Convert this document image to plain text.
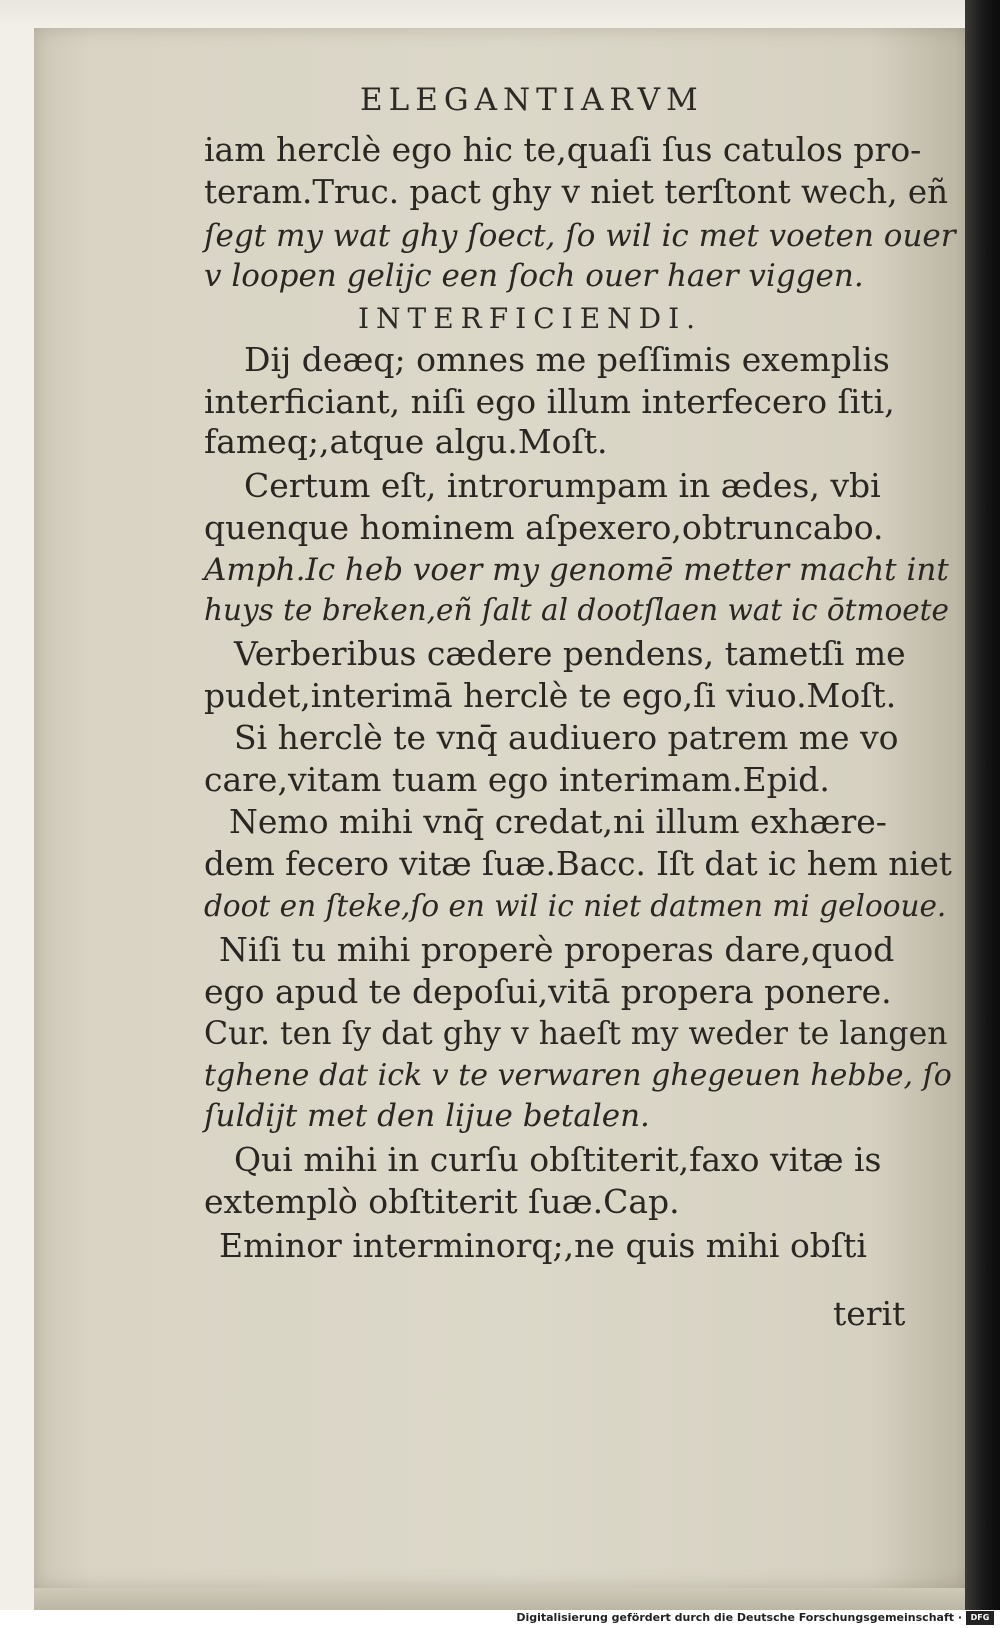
ELEGANTIARVM
INTERFICIENDI.
iam herclè ego hic te,quaſi ſus catulos pro-
teram.Truc. pact ghy v niet terſtont wech, eñ
ſegt my wat ghy ſoect, ſo wil ic met voeten ouer
v loopen gelijc een ſoch ouer haer viggen.
Dij deæq; omnes me peſſimis exemplis
interficiant, niſi ego illum interfecero ſiti,
fameq;,atque algu.Moſt.
Certum eſt, introrumpam in ædes, vbi
quenque hominem aſpexero,obtruncabo.
Amph.Ic heb voer my genomē metter macht int
huys te breken,eñ ſalt al dootſlaen wat ic ōtmoete
Verberibus cædere pendens, tametſi me
pudet,interimā herclè te ego,ſi viuo.Moſt.
Si herclè te vnq̄ audiuero patrem me vo
care,vitam tuam ego interimam.Epid.
Nemo mihi vnq̄ credat,ni illum exhære-
dem fecero vitæ ſuæ.Bacc. Iſt dat ic hem niet
doot en ſteke,ſo en wil ic niet datmen mi gelooue.
Niſi tu mihi properè properas dare,quod
ego apud te depoſui,vitā propera ponere.
Cur. ten ſy dat ghy v haeſt my weder te langen
tghene dat ick v te verwaren ghegeuen hebbe, ſo
ſuldijt met den lijue betalen.
Qui mihi in curſu obſtiterit,faxo vitæ is
extemplò obſtiterit ſuæ.Cap.
Eminor interminorq;,ne quis mihi obſti
terit
Digitalisierung gefördert durch die Deutsche Forschungsgemeinschaft ·	DFG
